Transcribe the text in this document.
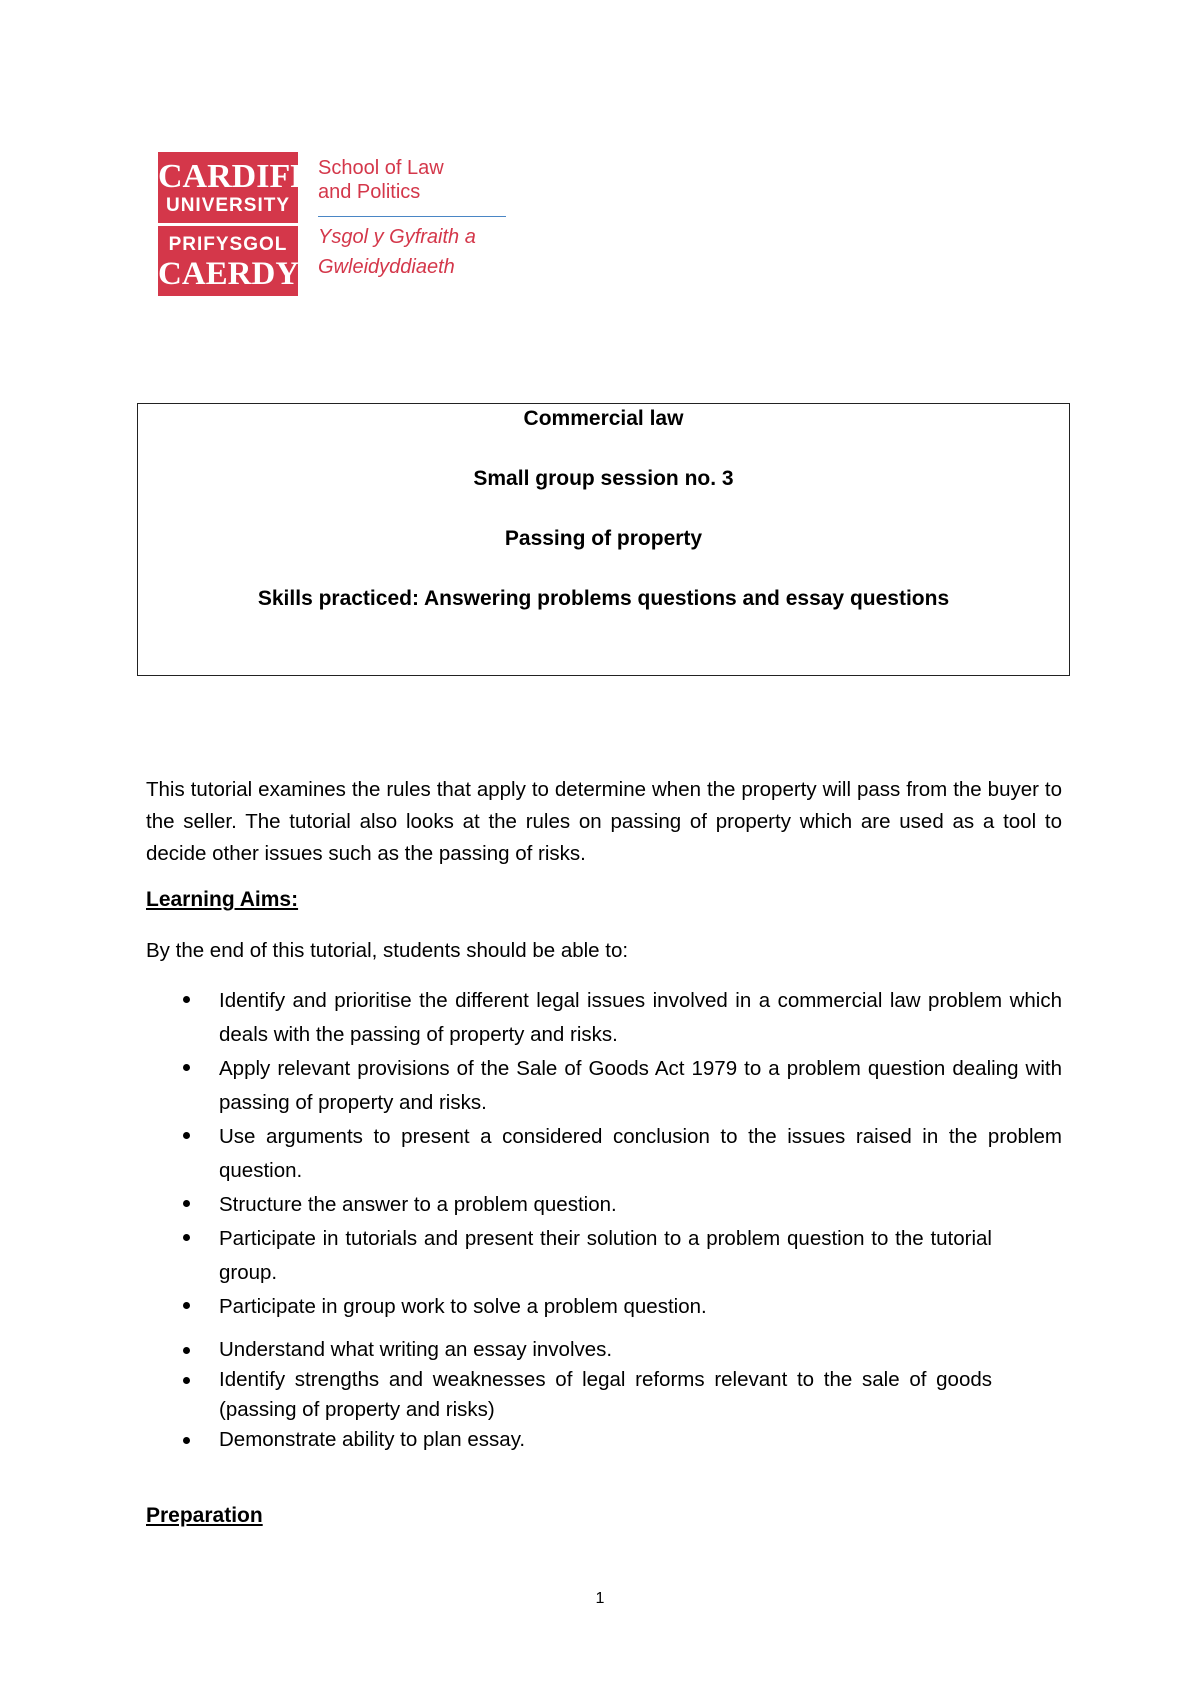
CARDIFF
UNIVERSITY
PRIFYSGOL
CAERDYDD
School of Law
and Politics
Ysgol y Gyfraith a
Gwleidyddiaeth
Commercial law
Small group session no. 3
Passing of property
Skills practiced: Answering problems questions and essay questions
This tutorial examines the rules that apply to determine when the property will pass from the buyer to the seller. The tutorial also looks at the rules on passing of property which are used as a tool to decide other issues such as the passing of risks.
Learning Aims:
By the end of this tutorial, students should be able to:
Identify and prioritise the different legal issues involved in a commercial law problem which deals with the passing of property and risks.
Apply relevant provisions of the Sale of Goods Act 1979 to a problem question dealing with passing of property and risks.
Use arguments to present a considered conclusion to the issues raised in the problem question.
Structure the answer to a problem question.
Participate in tutorials and present their solution to a problem question to the tutorial group.
Participate in group work to solve a problem question.
Understand what writing an essay involves.
Identify strengths and weaknesses of legal reforms relevant to the sale of goods (passing of property and risks)
Demonstrate ability to plan essay.
Preparation
1
